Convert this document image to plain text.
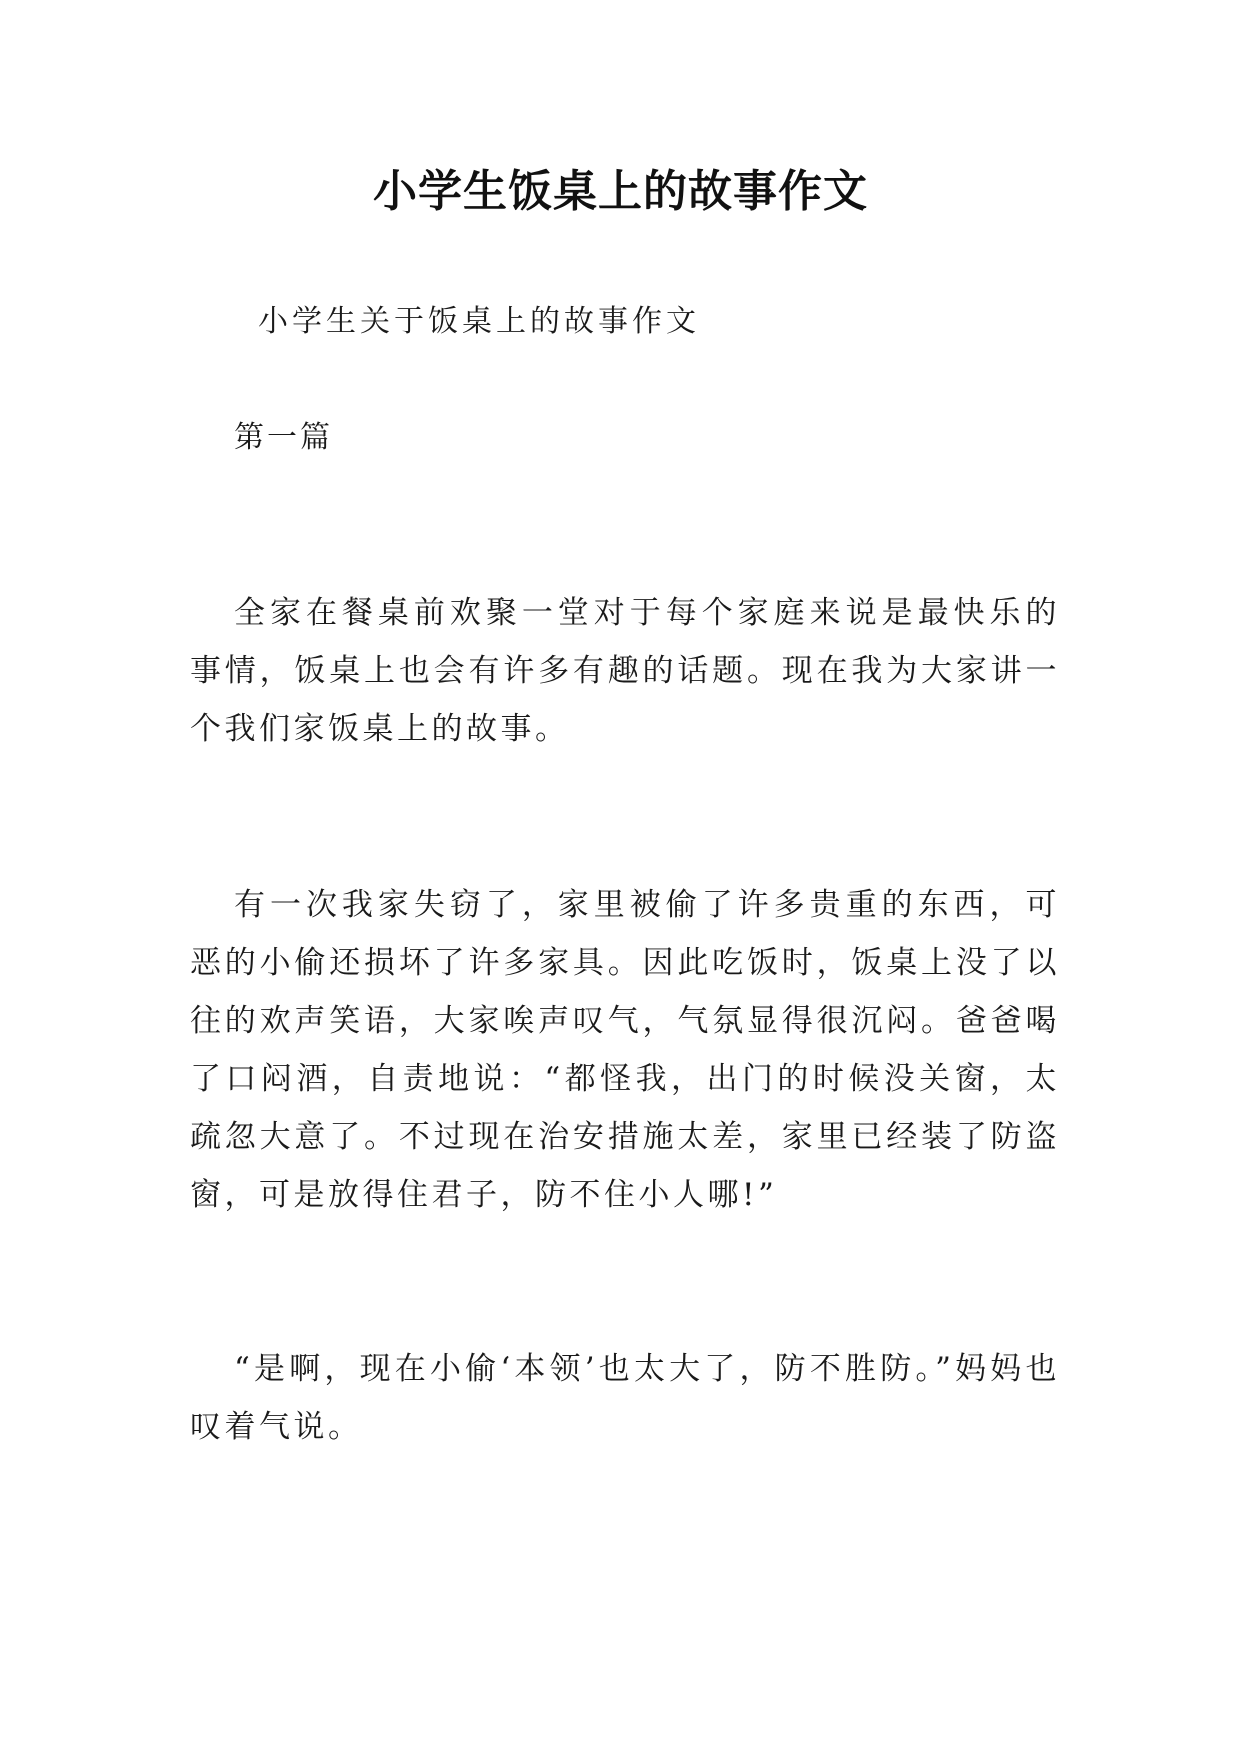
小学生饭桌上的故事作文
小学生关于饭桌上的故事作文
第一篇

全家在餐桌前欢聚一堂对于每个家庭来说是最快乐的事情，饭桌上也会有许多有趣的话题。现在我为大家讲一个我们家饭桌上的故事。

有一次我家失窃了，家里被偷了许多贵重的东西，可恶的小偷还损坏了许多家具。因此吃饭时，饭桌上没了以往的欢声笑语，大家唉声叹气，气氛显得很沉闷。爸爸喝了口闷酒，自责地说：“都怪我，出门的时候没关窗，太疏忽大意了。不过现在治安措施太差，家里已经装了防盗窗，可是放得住君子，防不住小人哪!”

“是啊，现在小偷‘本领’也太大了，防不胜防。”妈妈也叹着气说。
